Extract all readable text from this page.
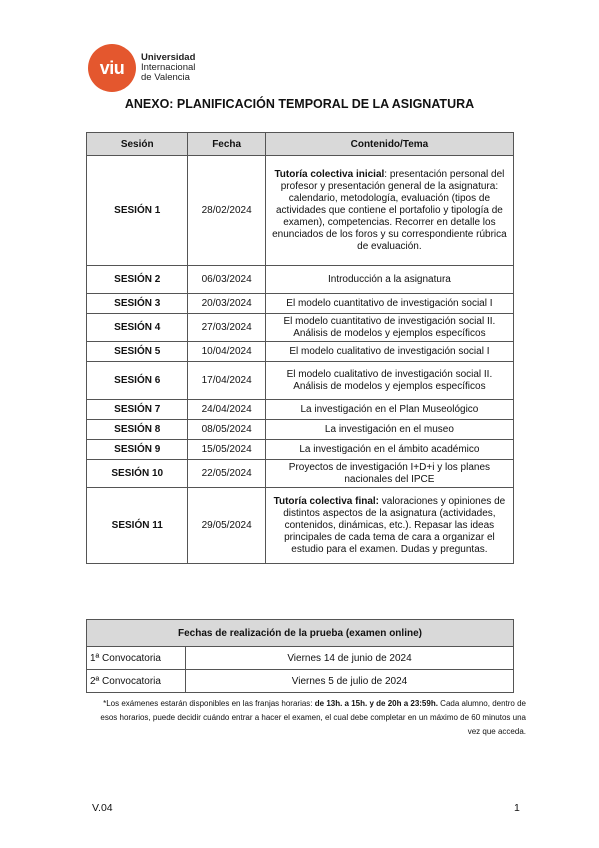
viu	Universidad
Internacional
de Valencia
ANEXO: PLANIFICACIÓN TEMPORAL DE LA ASIGNATURA
Sesión	Fecha	Contenido/Tema
SESIÓN 1	28/02/2024	Tutoría colectiva inicial: presentación personal del profesor y presentación general de la asignatura: calendario, metodología, evaluación (tipos de actividades que contiene el portafolio y tipología de examen), competencias. Recorrer en detalle los enunciados de los foros y su correspondiente rúbrica de evaluación.
SESIÓN 2	06/03/2024	Introducción a la asignatura
SESIÓN 3	20/03/2024	El modelo cuantitativo de investigación social I
SESIÓN 4	27/03/2024	El modelo cuantitativo de investigación social II. Análisis de modelos y ejemplos específicos
SESIÓN 5	10/04/2024	El modelo cualitativo de investigación social I
SESIÓN 6	17/04/2024	El modelo cualitativo de investigación social II. Análisis de modelos y ejemplos específicos
SESIÓN 7	24/04/2024	La investigación en el Plan Museológico
SESIÓN 8	08/05/2024	La investigación en el museo
SESIÓN 9	15/05/2024	La investigación en el ámbito académico
SESIÓN 10	22/05/2024	Proyectos de investigación I+D+i y los planes nacionales del IPCE
SESIÓN 11	29/05/2024	Tutoría colectiva final: valoraciones y opiniones de distintos aspectos de la asignatura (actividades, contenidos, dinámicas, etc.). Repasar las ideas principales de cada tema de cara a organizar el estudio para el examen. Dudas y preguntas.
Fechas de realización de la prueba (examen online)	
1ª Convocatoria	Viernes 14 de junio de 2024
2ª Convocatoria	Viernes 5 de julio de 2024
*Los exámenes estarán disponibles en las franjas horarias: de 13h. a 15h. y de 20h a 23:59h. Cada alumno, dentro de esos horarios, puede decidir cuándo entrar a hacer el examen, el cual debe completar en un máximo de 60 minutos una vez que acceda.
V.04	1
